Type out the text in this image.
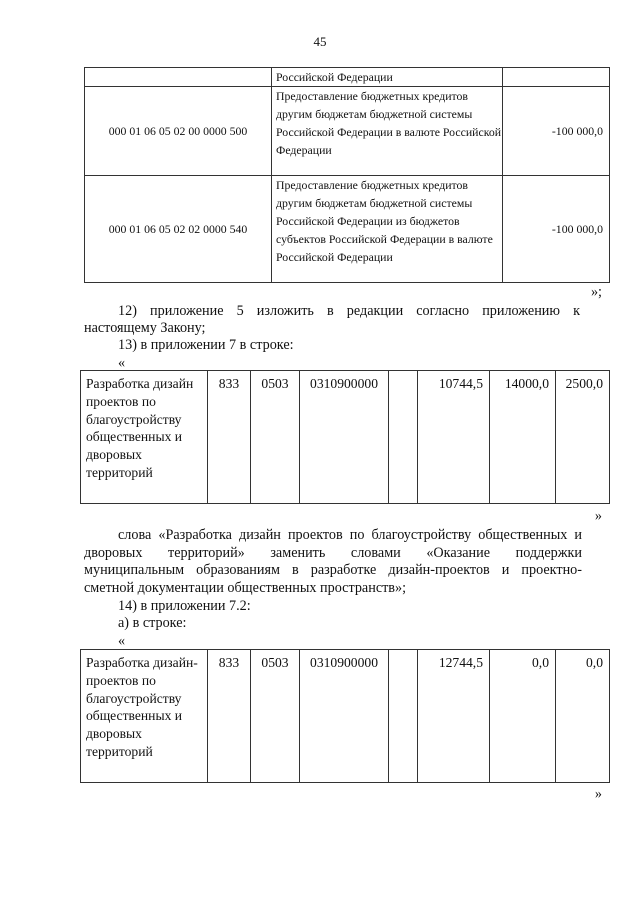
45
	Российской Федерации	
000 01 06 05 02 00 0000 500	Предоставление бюджетных кредитов другим бюджетам бюджетной системы Российской Федерации в валюте Российской Федерации	-100 000,0
000 01 06 05 02 02 0000 540	Предоставление бюджетных кредитов другим бюджетам бюджетной системы Российской Федерации из бюджетов субъектов Российской Федерации в валюте Российской Федерации	-100 000,0
»;
12) приложение 5 изложить в редакции согласно приложению к
настоящему Закону;
13) в приложении 7 в строке:
«
Разработка дизайн проектов по благоустройству общественных и дворовых территорий	833	0503	0310900000		10744,5	14000,0	2500,0
»
слова «Разработка дизайн проектов по благоустройству общественных и
дворовых территорий» заменить словами «Оказание поддержки
муниципальным образованиям в разработке дизайн-проектов и проектно-
сметной документации общественных пространств»;
14) в приложении 7.2:
а) в строке:
«
Разработка дизайн-проектов по благоустройству общественных и дворовых территорий	833	0503	0310900000		12744,5	0,0	0,0
»
